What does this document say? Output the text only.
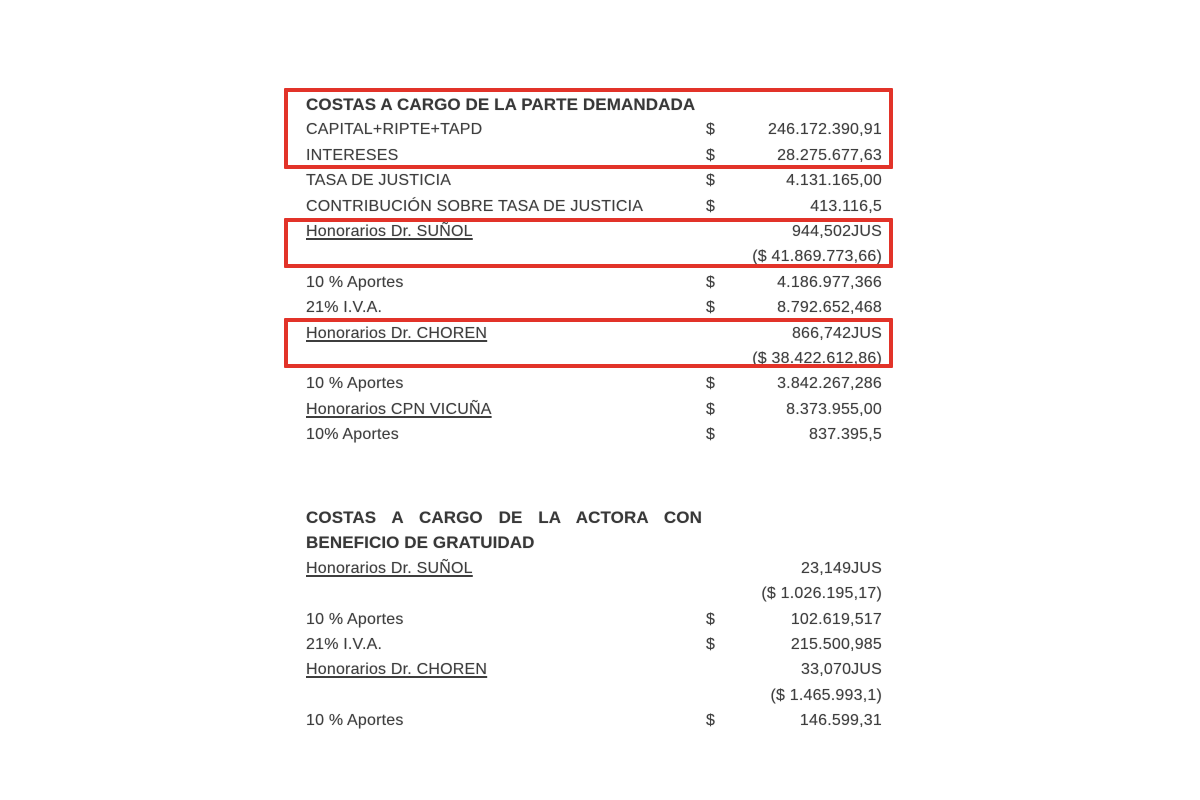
COSTAS A CARGO DE LA PARTE DEMANDADA
CAPITAL+RIPTE+TAPD	$	246.172.390,91
INTERESES	$	28.275.677,63
TASA DE JUSTICIA	$	4.131.165,00
CONTRIBUCIÓN SOBRE TASA DE JUSTICIA	$	413.116,5
Honorarios Dr. SUÑOL	944,502JUS
($ 41.869.773,66)
10 % Aportes	$	4.186.977,366
21% I.V.A.	$	8.792.652,468
Honorarios Dr. CHOREN	866,742JUS
($ 38.422.612,86)
10 % Aportes	$	3.842.267,286
Honorarios CPN VICUÑA	$	8.373.955,00
10% Aportes	$	837.395,5
COSTAS A CARGO DE LA ACTORA CON
BENEFICIO DE GRATUIDAD
Honorarios Dr. SUÑOL	23,149JUS
($ 1.026.195,17)
10 % Aportes	$	102.619,517
21% I.V.A.	$	215.500,985
Honorarios Dr. CHOREN	33,070JUS
($ 1.465.993,1)
10 % Aportes	$	146.599,31
